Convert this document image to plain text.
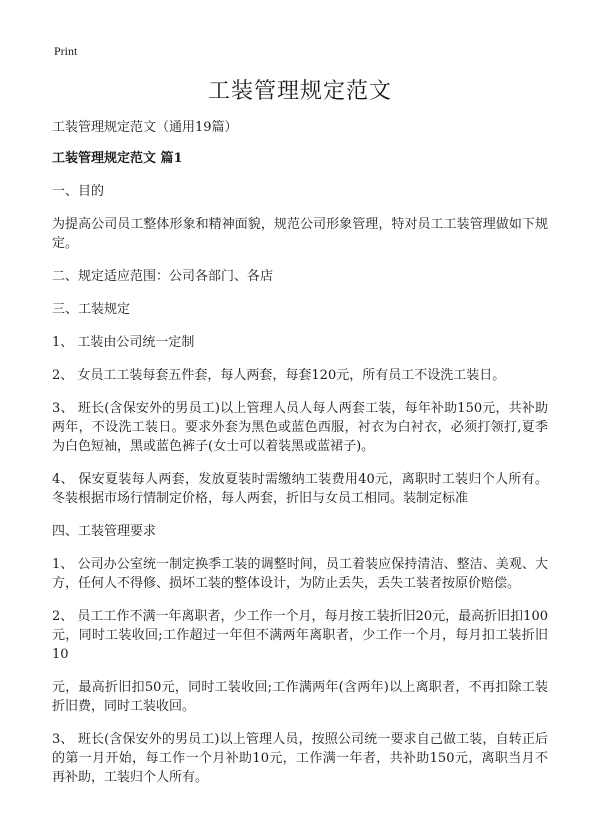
Print
工装管理规定范文

工装管理规定范文（通用19篇）

工装管理规定范文 篇1

一、目的

为提高公司员工整体形象和精神面貌，规范公司形象管理，特对员工工装管理做如下规定。

二、规定适应范围：公司各部门、各店

三、工装规定

1、 工装由公司统一定制

2、 女员工工装每套五件套，每人两套，每套120元，所有员工不设洗工装日。

3、 班长(含保安外的男员工)以上管理人员人每人两套工装，每年补助150元，共补助两年，不设洗工装日。要求外套为黑色或蓝色西服，衬衣为白衬衣，必须打领打,夏季为白色短袖，黑或蓝色裤子(女士可以着装黑或蓝裙子)。

4、 保安夏装每人两套，发放夏装时需缴纳工装费用40元，离职时工装归个人所有。冬装根据市场行情制定价格，每人两套，折旧与女员工相同。装制定标准

四、工装管理要求

1、 公司办公室统一制定换季工装的调整时间，员工着装应保持清洁、整洁、美观、大方，任何人不得修、损坏工装的整体设计，为防止丢失，丢失工装者按原价赔偿。

2、 员工工作不满一年离职者，少工作一个月，每月按工装折旧20元，最高折旧扣100元，同时工装收回;工作超过一年但不满两年离职者，少工作一个月，每月扣工装折旧10

元，最高折旧扣50元，同时工装收回;工作满两年(含两年)以上离职者，不再扣除工装折旧费，同时工装收回。

3、 班长(含保安外的男员工)以上管理人员，按照公司统一要求自己做工装，自转正后的第一月开始，每工作一个月补助10元，工作满一年者，共补助150元，离职当月不再补助，工装归个人所有。
